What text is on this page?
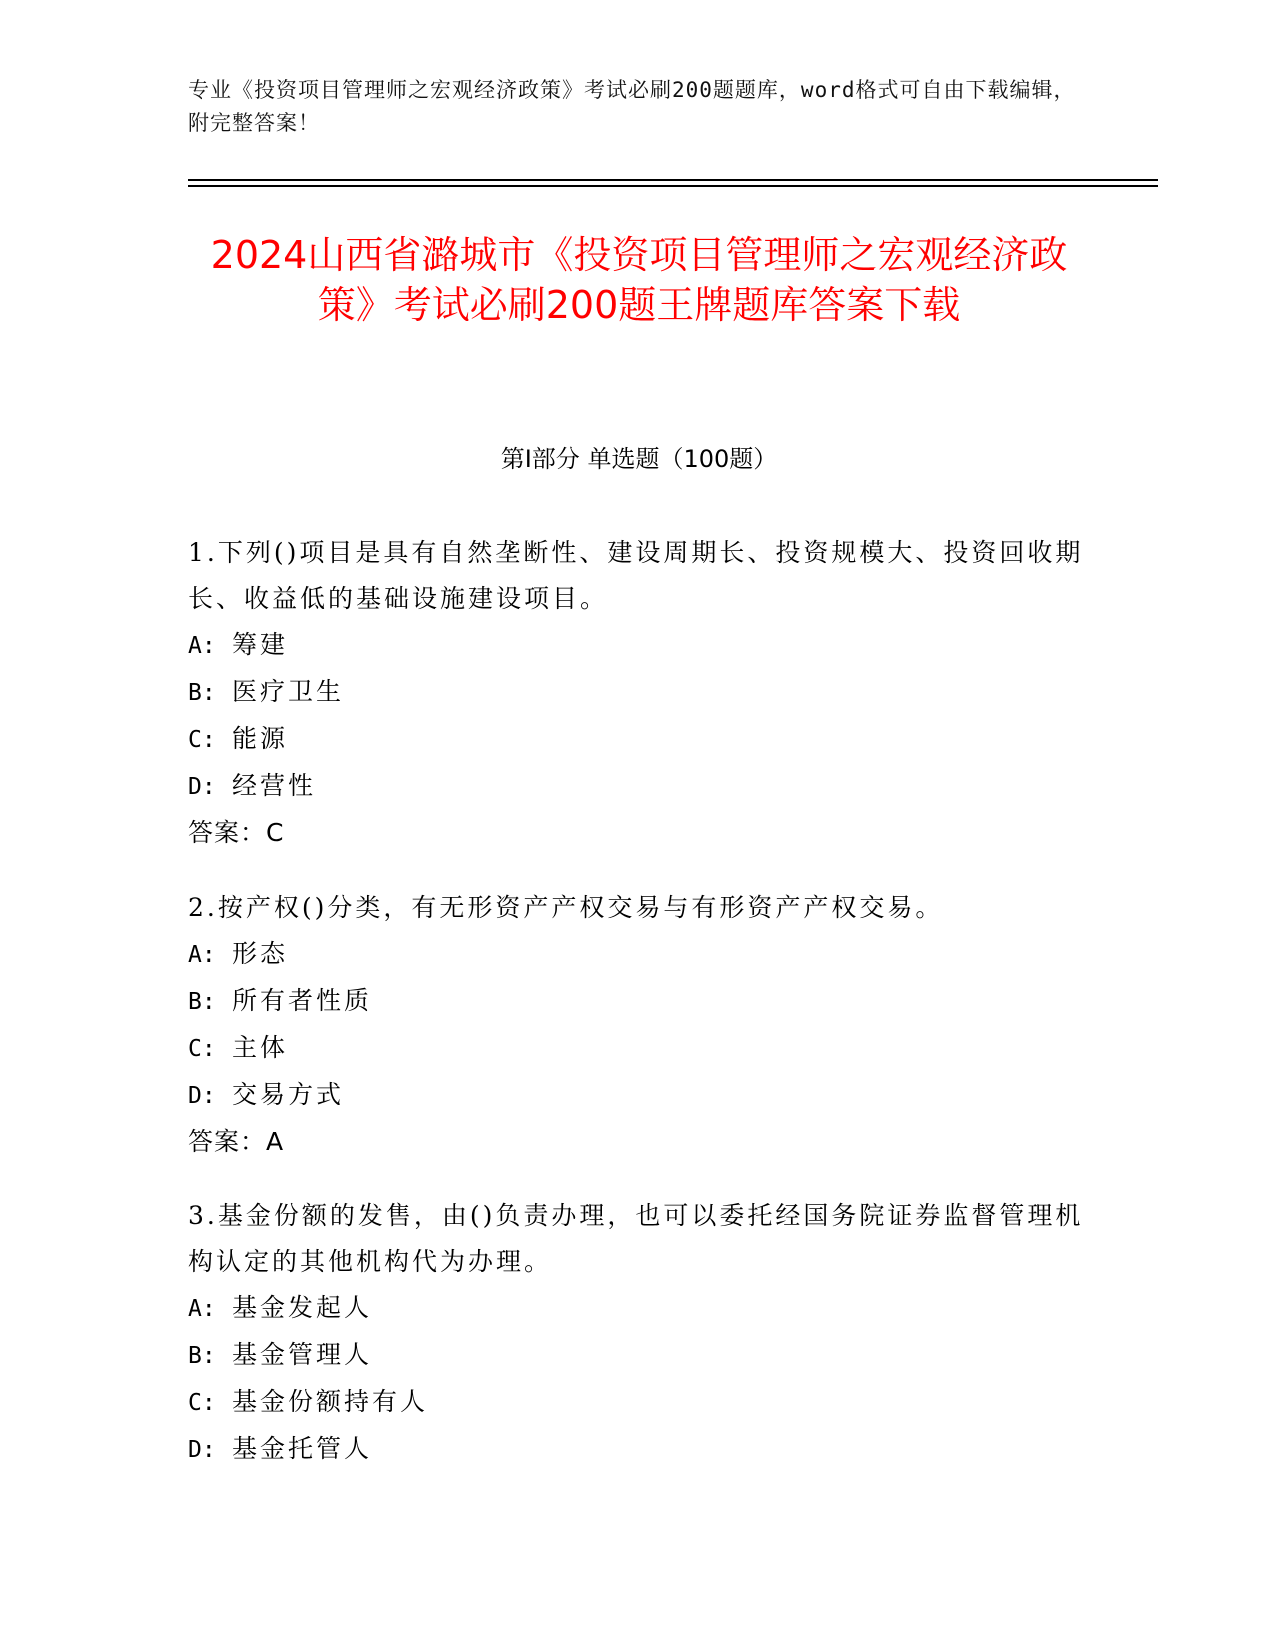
专业《投资项目管理师之宏观经济政策》考试必刷200题题库，word格式可自由下载编辑，附完整答案！
2024山西省潞城市《投资项目管理师之宏观经济政策》考试必刷200题王牌题库答案下载
第I部分 单选题（100题）

1.下列()项目是具有自然垄断性、建设周期长、投资规模大、投资回收期长、收益低的基础设施建设项目。

A: 筹建

B: 医疗卫生

C: 能源

D: 经营性

答案：C

2.按产权()分类，有无形资产产权交易与有形资产产权交易。

A: 形态

B: 所有者性质

C: 主体

D: 交易方式

答案：A

3.基金份额的发售，由()负责办理，也可以委托经国务院证券监督管理机构认定的其他机构代为办理。

A: 基金发起人

B: 基金管理人

C: 基金份额持有人

D: 基金托管人
